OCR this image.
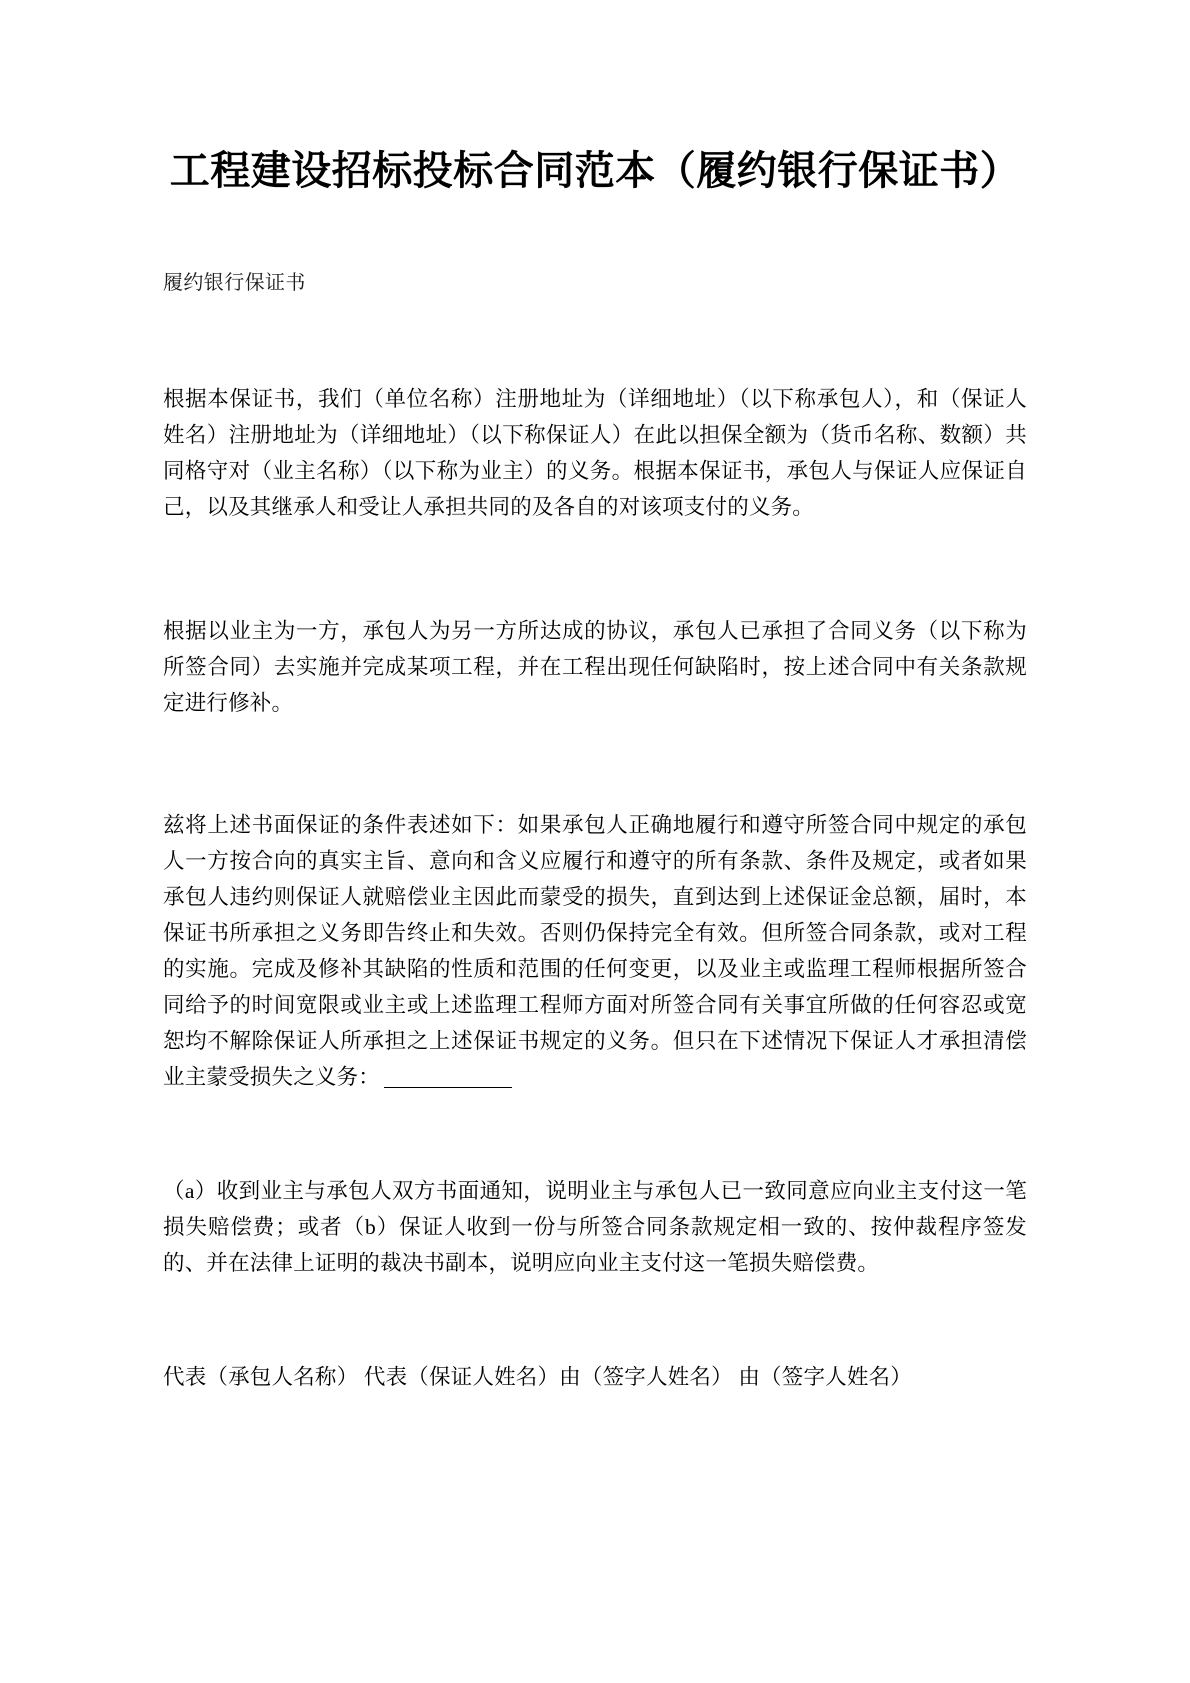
工程建设招标投标合同范本（履约银行保证书）

履约银行保证书

根据本保证书，我们（单位名称）注册地址为（详细地址）（以下称承包人），和（保证人姓名）注册地址为（详细地址）（以下称保证人）在此以担保全额为（货币名称、数额）共同格守对（业主名称）（以下称为业主）的义务。根据本保证书，承包人与保证人应保证自己，以及其继承人和受让人承担共同的及各自的对该项支付的义务。

根据以业主为一方，承包人为另一方所达成的协议，承包人已承担了合同义务（以下称为所签合同）去实施并完成某项工程，并在工程出现任何缺陷时，按上述合同中有关条款规定进行修补。

兹将上述书面保证的条件表述如下：如果承包人正确地履行和遵守所签合同中规定的承包人一方按合向的真实主旨、意向和含义应履行和遵守的所有条款、条件及规定，或者如果承包人违约则保证人就赔偿业主因此而蒙受的损失，直到达到上述保证金总额，届时，本保证书所承担之义务即告终止和失效。否则仍保持完全有效。但所签合同条款，或对工程的实施。完成及修补其缺陷的性质和范围的任何变更，以及业主或监理工程师根据所签合同给予的时间宽限或业主或上述监理工程师方面对所签合同有关事宜所做的任何容忍或宽恕均不解除保证人所承担之上述保证书规定的义务。但只在下述情况下保证人才承担清偿业主蒙受损失之义务：

（a）收到业主与承包人双方书面通知，说明业主与承包人已一致同意应向业主支付这一笔损失赔偿费；或者（b）保证人收到一份与所签合同条款规定相一致的、按仲裁程序签发的、并在法律上证明的裁决书副本，说明应向业主支付这一笔损失赔偿费。

代表（承包人名称） 代表（保证人姓名）由（签字人姓名） 由（签字人姓名）
